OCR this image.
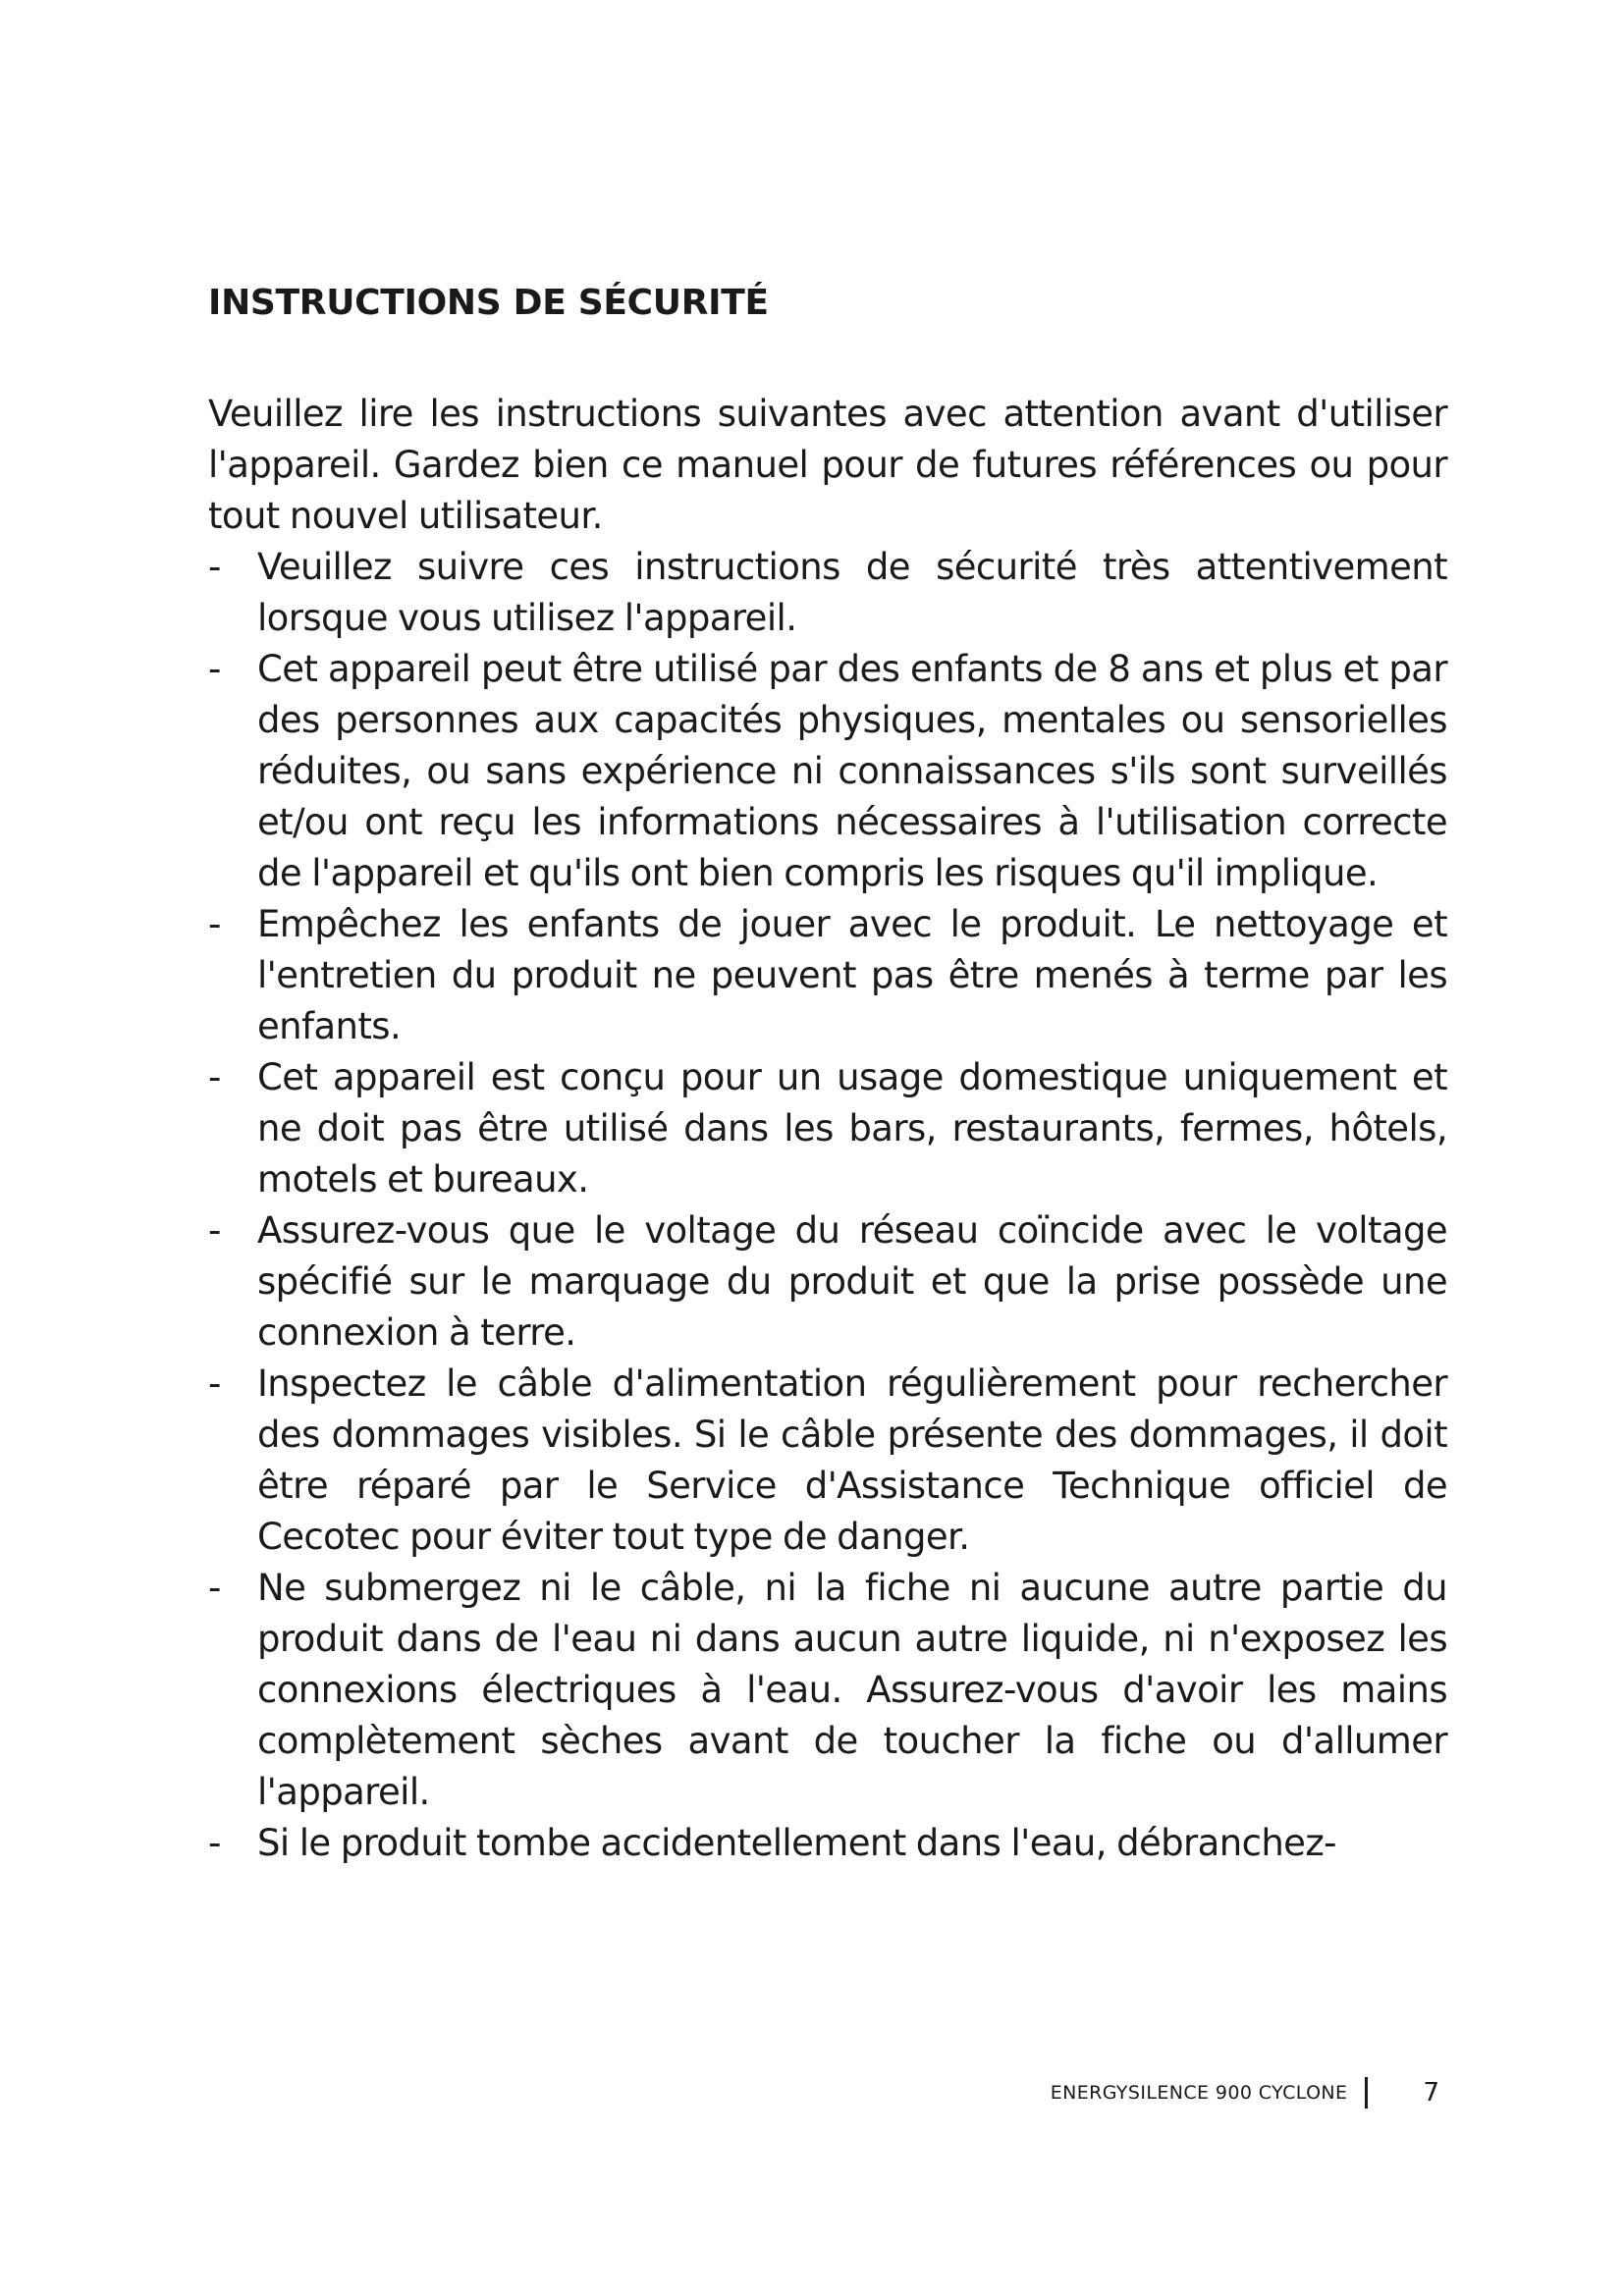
INSTRUCTIONS DE SÉCURITÉ

Veuillez lire les instructions suivantes avec attention avant d'utiliser l'appareil. Gardez bien ce manuel pour de futures références ou pour tout nouvel utilisateur.

- Veuillez suivre ces instructions de sécurité très attentivement lorsque vous utilisez l'appareil.
- Cet appareil peut être utilisé par des enfants de 8 ans et plus et par des personnes aux capacités physiques, mentales ou sensorielles réduites, ou sans expérience ni connaissances s'ils sont surveillés et/ou ont reçu les informations nécessaires à l'utilisation correcte de l'appareil et qu'ils ont bien compris les risques qu'il implique.
- Empêchez les enfants de jouer avec le produit. Le nettoyage et l'entretien du produit ne peuvent pas être menés à terme par les enfants.
- Cet appareil est conçu pour un usage domestique uniquement et ne doit pas être utilisé dans les bars, restaurants, fermes, hôtels, motels et bureaux.
- Assurez-vous que le voltage du réseau coïncide avec le voltage spécifié sur le marquage du produit et que la prise possède une connexion à terre.
- Inspectez le câble d'alimentation régulièrement pour rechercher des dommages visibles. Si le câble présente des dommages, il doit être réparé par le Service d'Assistance Technique officiel de Cecotec pour éviter tout type de danger.
- Ne submergez ni le câble, ni la fiche ni aucune autre partie du produit dans de l'eau ni dans aucun autre liquide, ni n'exposez les connexions électriques à l'eau. Assurez-vous d'avoir les mains complètement sèches avant de toucher la fiche ou d'allumer l'appareil.
- Si le produit tombe accidentellement dans l'eau, débranchez-
ENERGYSILENCE 900 CYCLONE	7
